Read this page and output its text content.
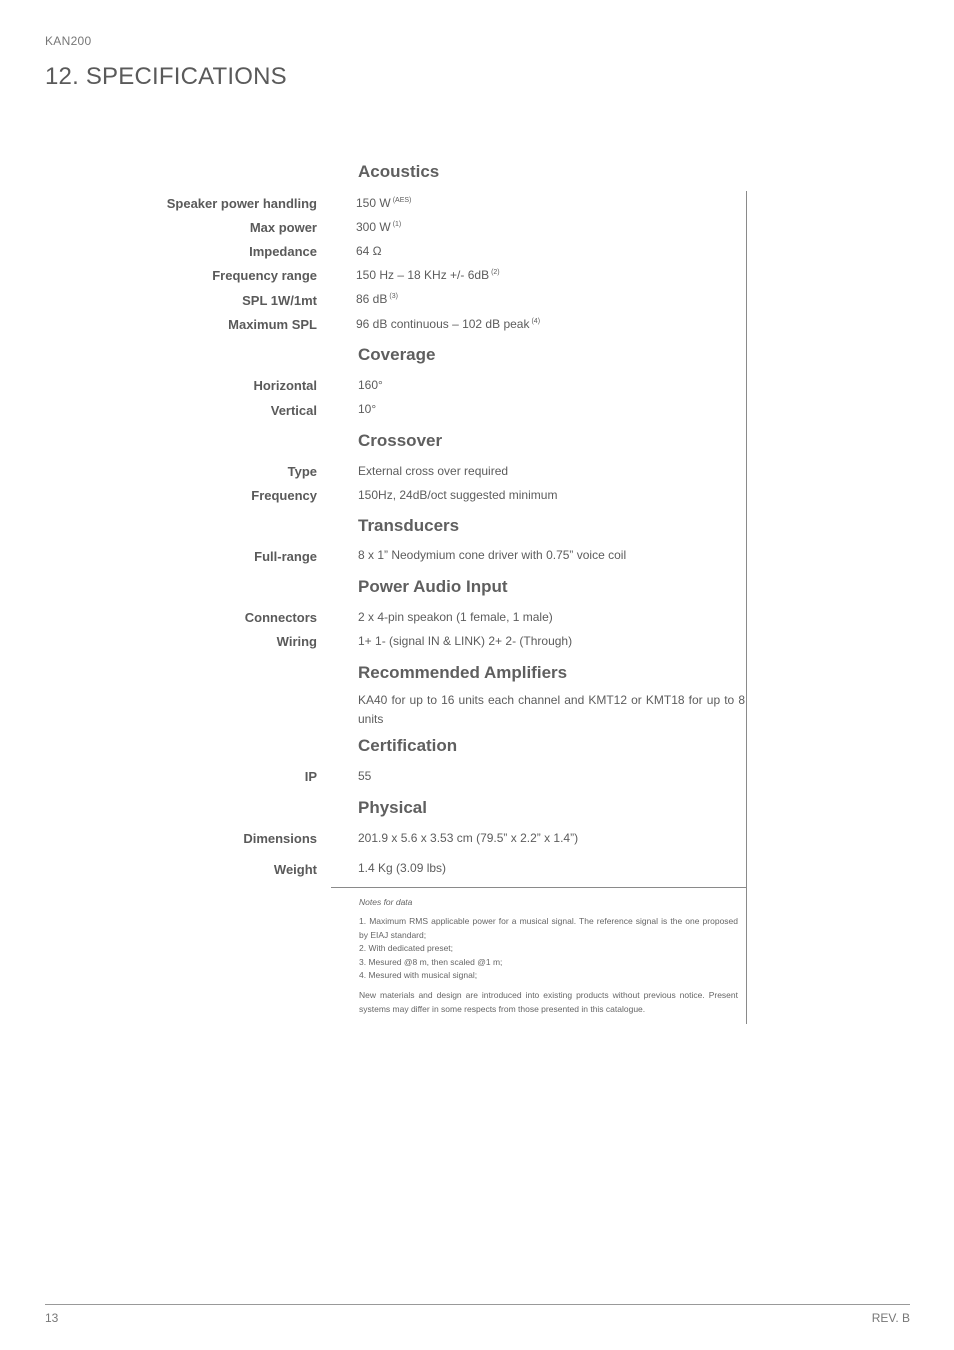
KAN200
12. SPECIFICATIONS
Acoustics
Speaker power handling	150 W $^{(AES)}$
Max power	300 W $^{(1)}$
Impedance	64 Ω
Frequency range	150 Hz – 18 KHz +/- 6dB $^{(2)}$
SPL 1W/1mt	86 dB $^{(3)}$
Maximum SPL	96 dB continuous – 102 dB peak $^{(4)}$
Coverage
Horizontal	160°
Vertical	10°
Crossover
Type	External cross over required
Frequency	150Hz, 24dB/oct suggested minimum
Transducers
Full-range	8 x 1” Neodymium cone driver with 0.75” voice coil
Power Audio Input
Connectors	2 x 4-pin speakon (1 female, 1 male)
Wiring	1+ 1- (signal IN & LINK) 2+ 2- (Through)
Recommended Amplifiers
KA40 for up to 16 units each channel and KMT12 or KMT18 for up to 8 units
Certification
IP	55
Physical
Dimensions	201.9 x 5.6 x 3.53 cm (79.5” x 2.2” x 1.4”)
Weight	1.4 Kg (3.09 lbs)
Notes for data
1. Maximum RMS applicable power for a musical signal. The reference signal is the one proposed by EIAJ standard;
2. With dedicated preset;
3. Mesured @8 m, then scaled @1 m;
4. Mesured with musical signal;
New materials and design are introduced into existing products without previous notice. Present systems may differ in some respects from those presented in this catalogue.
13	REV. B
